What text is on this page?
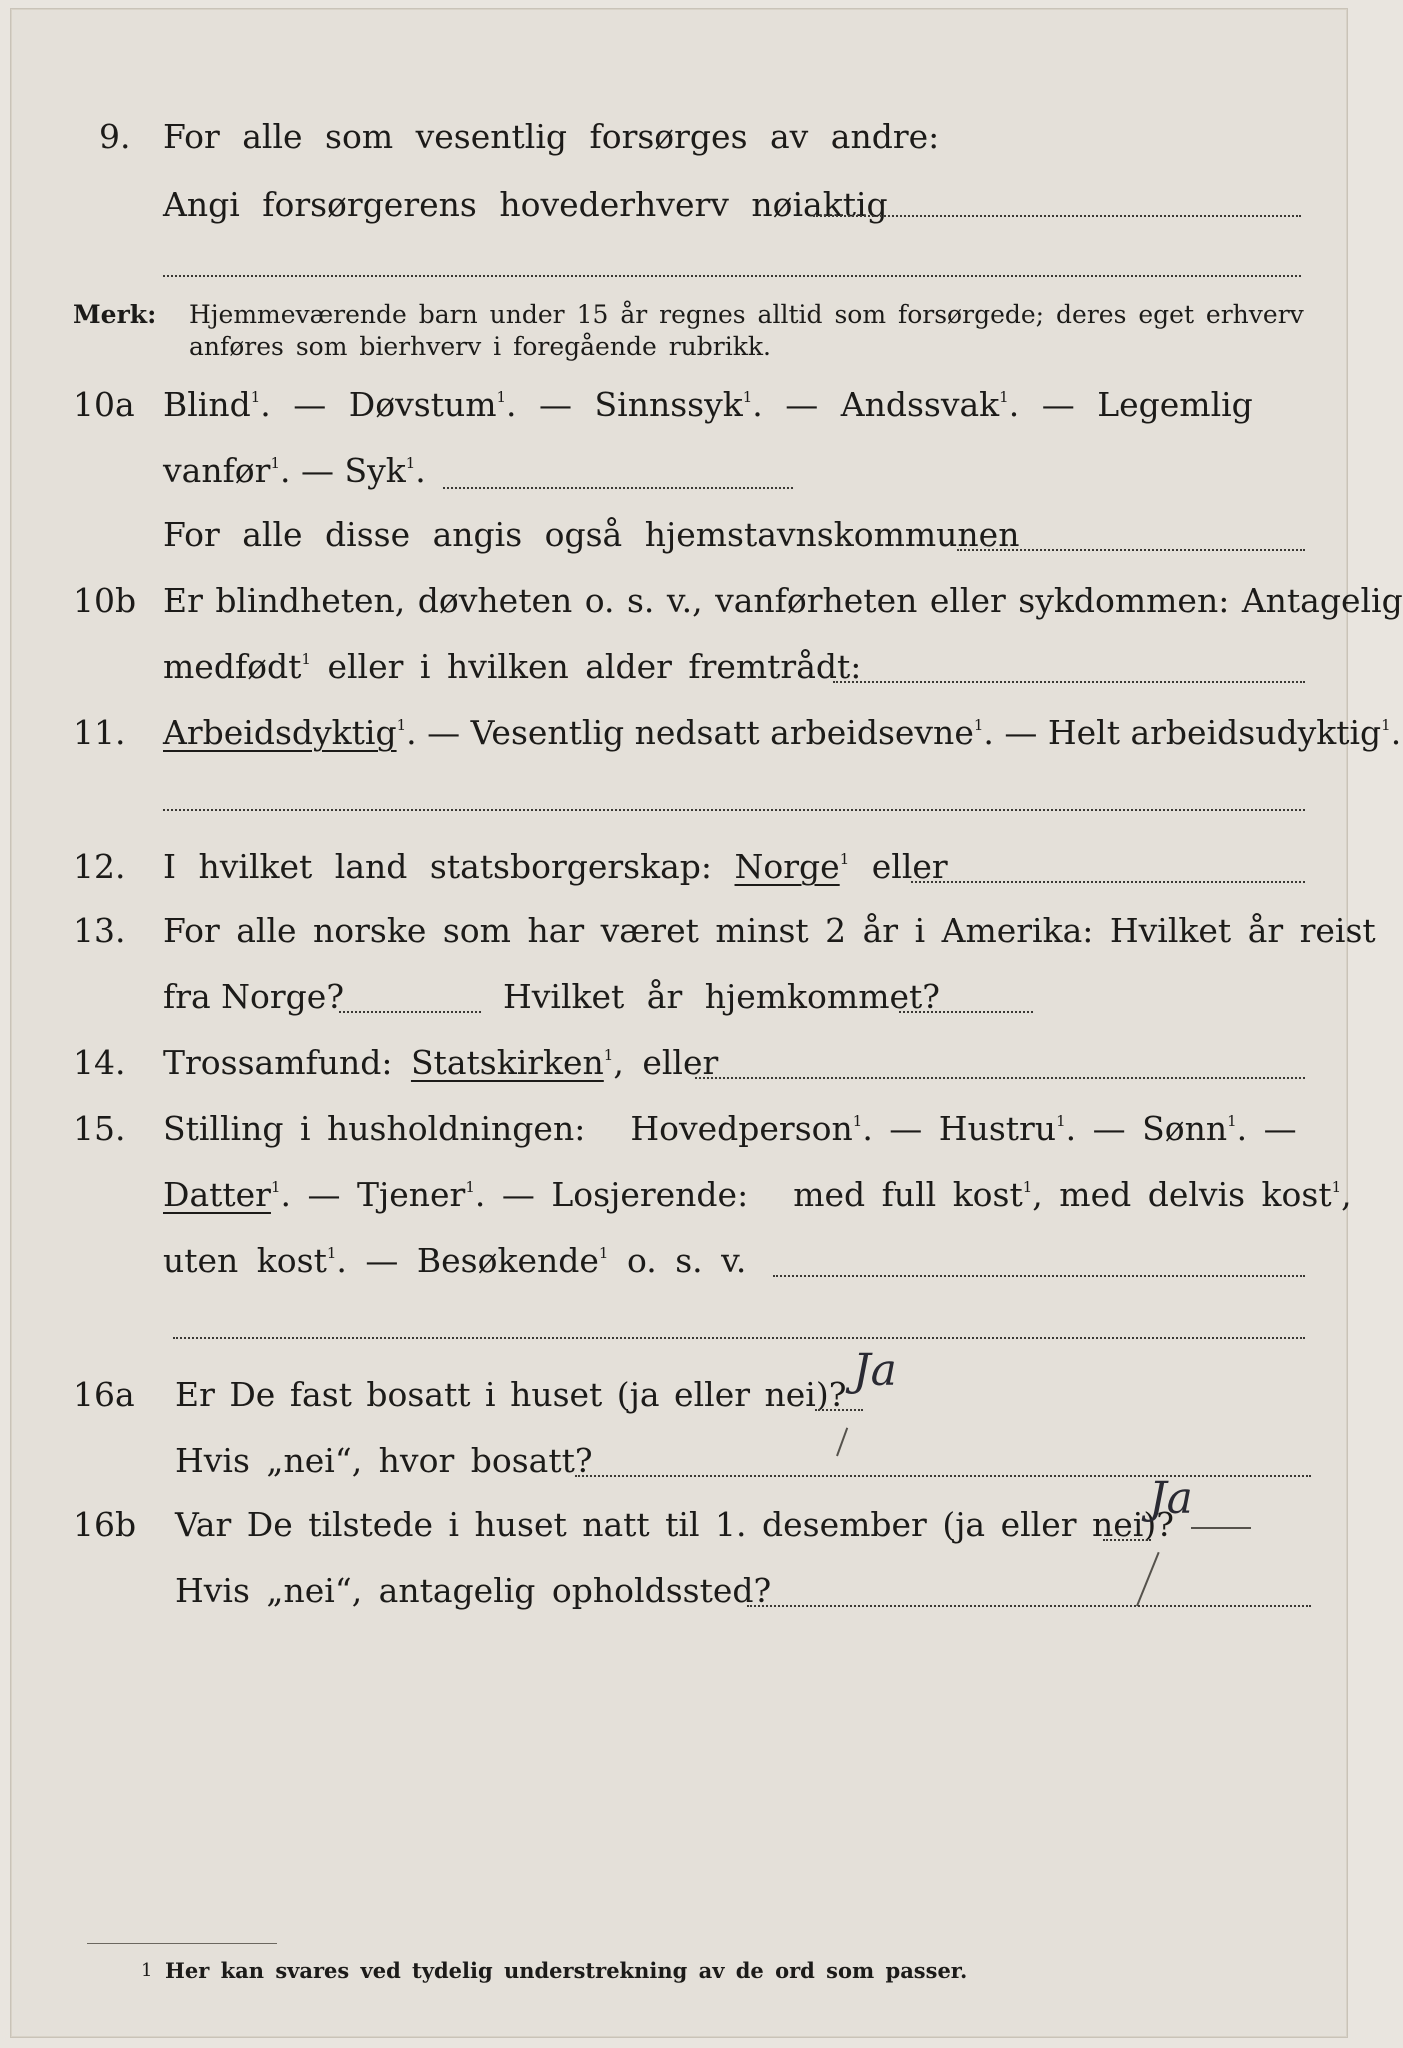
9. For alle som vesentlig forsørges av andre:
Angi forsørgerens hovederhverv nøiaktig
Merk: Hjemmeværende barn under 15 år regnes alltid som forsørgede; deres eget erhverv
anføres som bierhverv i foregående rubrikk.
10a Blind$^1$. — Døvstum$^1$. — Sinnssyk$^1$. — Andssvak$^1$. — Legemlig
vanfør$^1$. — Syk$^1$.
For alle disse angis også hjemstavnskommunen
10b Er blindheten, døvheten o. s. v., vanførheten eller sykdommen: Antagelig
medfødt$^1$ eller i hvilken alder fremtrådt:
11. Arbeidsdyktig$^1$. — Vesentlig nedsatt arbeidsevne$^1$. — Helt arbeidsudyktig$^1$.
12. I hvilket land statsborgerskap: Norge$^1$ eller
13. For alle norske som har været minst 2 år i Amerika: Hvilket år reist
fra Norge?	Hvilket år hjemkommet?
14. Trossamfund: Statskirken$^1$, eller
15. Stilling i husholdningen: Hovedperson$^1$. — Hustru$^1$. — Sønn$^1$. —
Datter$^1$. — Tjener$^1$. — Losjerende: med full kost$^1$, med delvis kost$^1$,
uten kost$^1$. — Besøkende$^1$ o. s. v.
16a Er De fast bosatt i huset (ja eller nei)? Ja
Hvis „nei“, hvor bosatt?
16b Var De tilstede i huset natt til 1. desember (ja eller nei)?
Ja
Hvis „nei“, antagelig opholdssted?
1 Her kan svares ved tydelig understrekning av de ord som passer.
